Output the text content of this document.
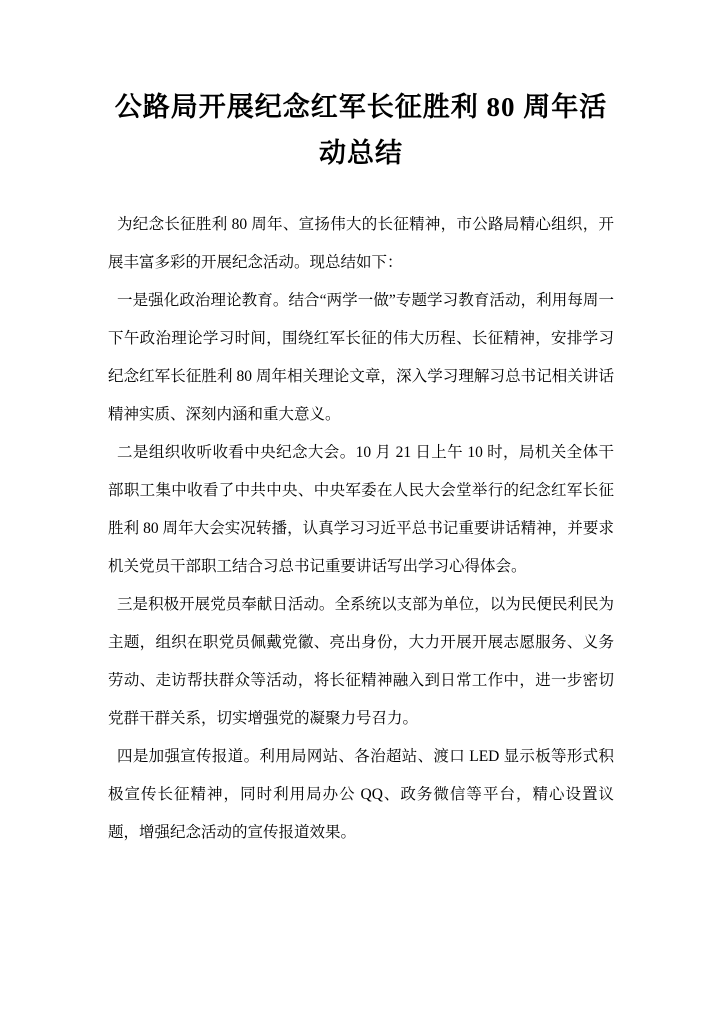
公路局开展纪念红军长征胜利 80 周年活动总结

为纪念长征胜利 80 周年、宣扬伟大的长征精神，市公路局精心组织，开展丰富多彩的开展纪念活动。现总结如下：

一是强化政治理论教育。结合“两学一做”专题学习教育活动，利用每周一下午政治理论学习时间，围绕红军长征的伟大历程、长征精神，安排学习纪念红军长征胜利 80 周年相关理论文章，深入学习理解习总书记相关讲话精神实质、深刻内涵和重大意义。

二是组织收听收看中央纪念大会。10 月 21 日上午 10 时，局机关全体干部职工集中收看了中共中央、中央军委在人民大会堂举行的纪念红军长征胜利 80 周年大会实况转播，认真学习习近平总书记重要讲话精神，并要求机关党员干部职工结合习总书记重要讲话写出学习心得体会。

三是积极开展党员奉献日活动。全系统以支部为单位，以为民便民利民为主题，组织在职党员佩戴党徽、亮出身份，大力开展开展志愿服务、义务劳动、走访帮扶群众等活动，将长征精神融入到日常工作中，进一步密切党群干群关系，切实增强党的凝聚力号召力。

四是加强宣传报道。利用局网站、各治超站、渡口 LED 显示板等形式积极宣传长征精神，同时利用局办公 QQ、政务微信等平台，精心设置议题，增强纪念活动的宣传报道效果。
